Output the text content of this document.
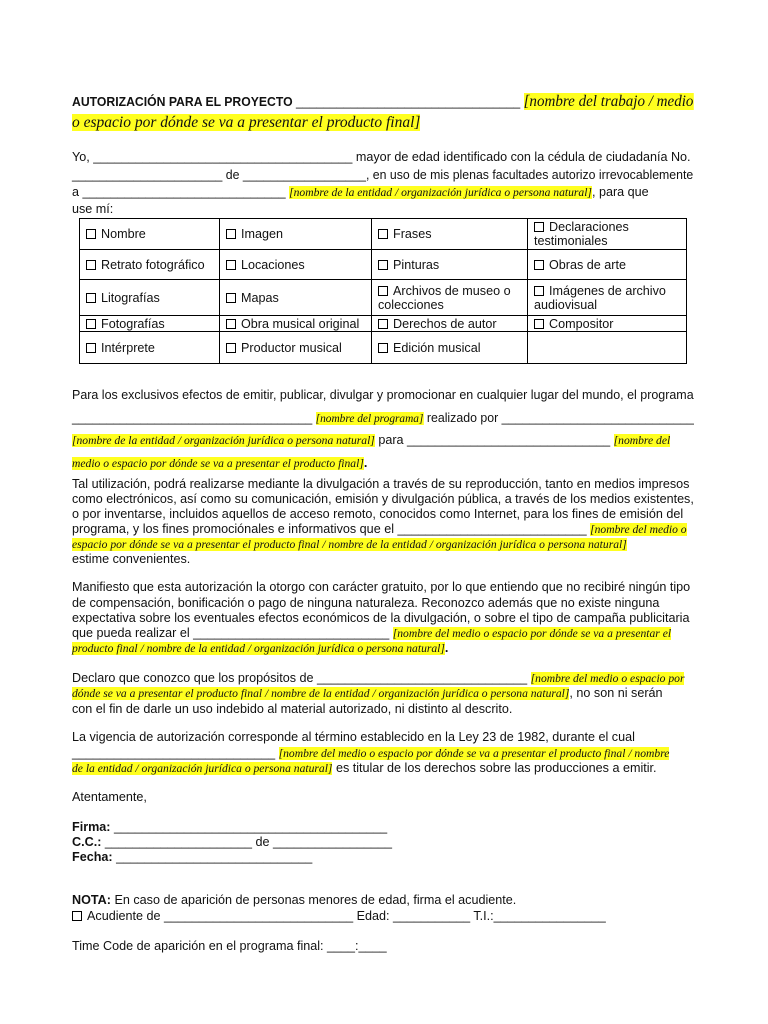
AUTORIZACIÓN PARA EL PROYECTO _________________________________ [nombre del trabajo / medio
o espacio por dónde se va a presentar el producto final]
Yo, _____________________________________ mayor de edad identificado con la cédula de ciudadanía No.
______________________ de __________________, en uso de mis plenas facultades autorizo irrevocablemente
a _____________________________ [nombre de la entidad / organización jurídica o persona natural], para que
use mí:
Nombre	Imagen	Frases	Declaraciones
testimoniales
Retrato fotográfico	Locaciones	Pinturas	Obras de arte
Litografías	Mapas	Archivos de museo o
colecciones	Imágenes de archivo
audiovisual
Fotografías	Obra musical original	Derechos de autor	Compositor
Intérprete	Productor musical	Edición musical	
Para los exclusivos efectos de emitir, publicar, divulgar y promocionar en cualquier lugar del mundo, el programa
___________________________________ [nombre del programa] realizado por ____________________________
[nombre de la entidad / organización jurídica o persona natural] para _____________________________ [nombre del
medio o espacio por dónde se va a presentar el producto final].
Tal utilización, podrá realizarse mediante la divulgación a través de su reproducción, tanto en medios impresos
como electrónicos, así como su comunicación, emisión y divulgación pública, a través de los medios existentes,
o por inventarse, incluidos aquellos de acceso remoto, conocidos como Internet, para los fines de emisión del
programa, y los fines promociónales e informativos que el ___________________________ [nombre del medio o
espacio por dónde se va a presentar el producto final / nombre de la entidad / organización jurídica o persona natural]
estime convenientes.
Manifiesto que esta autorización la otorgo con carácter gratuito, por lo que entiendo que no recibiré ningún tipo
de compensación, bonificación o pago de ninguna naturaleza. Reconozco además que no existe ninguna
expectativa sobre los eventuales efectos económicos de la divulgación, o sobre el tipo de campaña publicitaria
que pueda realizar el ____________________________ [nombre del medio o espacio por dónde se va a presentar el
producto final / nombre de la entidad / organización jurídica o persona natural].
Declaro que conozco que los propósitos de ______________________________ [nombre del medio o espacio por
dónde se va a presentar el producto final / nombre de la entidad / organización jurídica o persona natural], no son ni serán
con el fin de darle un uso indebido al material autorizado, ni distinto al descrito.
La vigencia de autorización corresponde al término establecido en la Ley 23 de 1982, durante el cual
_____________________________ [nombre del medio o espacio por dónde se va a presentar el producto final / nombre
de la entidad / organización jurídica o persona natural] es titular de los derechos sobre las producciones a emitir.
Atentamente,
Firma: _______________________________________
C.C.: _____________________ de _________________
Fecha: ____________________________
NOTA: En caso de aparición de personas menores de edad, firma el acudiente.
Acudiente de ___________________________ Edad: ___________ T.I.:________________
Time Code de aparición en el programa final: ____:____
